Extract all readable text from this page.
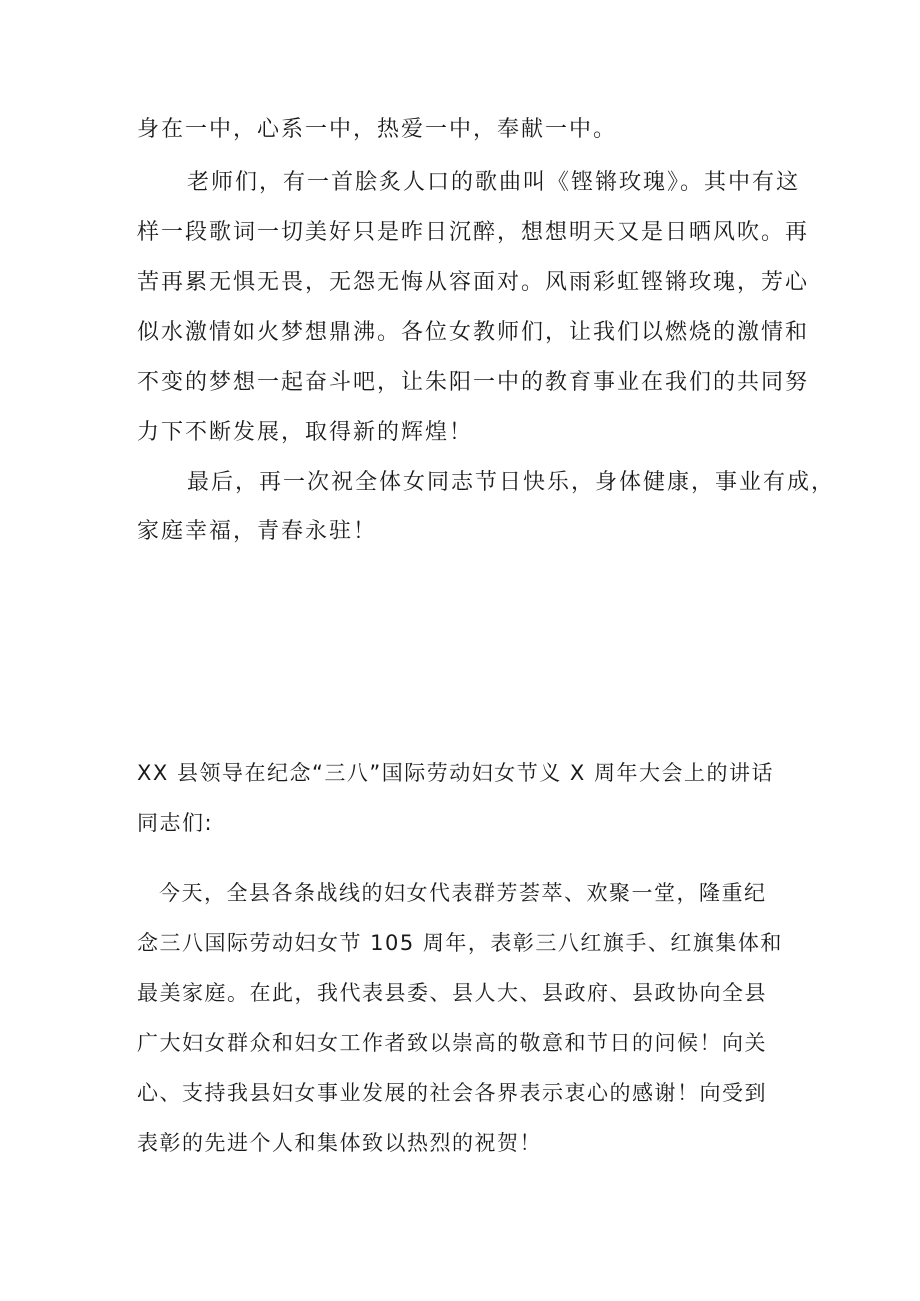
身在一中，心系一中，热爱一中，奉献一中。
老师们，有一首脍炙人口的歌曲叫《铿锵玫瑰》。其中有这
样一段歌词一切美好只是昨日沉醉，想想明天又是日晒风吹。再
苦再累无惧无畏，无怨无悔从容面对。风雨彩虹铿锵玫瑰，芳心
似水激情如火梦想鼎沸。各位女教师们，让我们以燃烧的激情和
不变的梦想一起奋斗吧，让朱阳一中的教育事业在我们的共同努
力下不断发展，取得新的辉煌！
最后，再一次祝全体女同志节日快乐，身体健康，事业有成，
家庭幸福，青春永驻！
XX 县领导在纪念“三八”国际劳动妇女节义 X 周年大会上的讲话
同志们:
今天，全县各条战线的妇女代表群芳荟萃、欢聚一堂，隆重纪
念三八国际劳动妇女节 105 周年，表彰三八红旗手、红旗集体和
最美家庭。在此，我代表县委、县人大、县政府、县政协向全县
广大妇女群众和妇女工作者致以崇高的敬意和节日的问候！向关
心、支持我县妇女事业发展的社会各界表示衷心的感谢！向受到
表彰的先进个人和集体致以热烈的祝贺！
